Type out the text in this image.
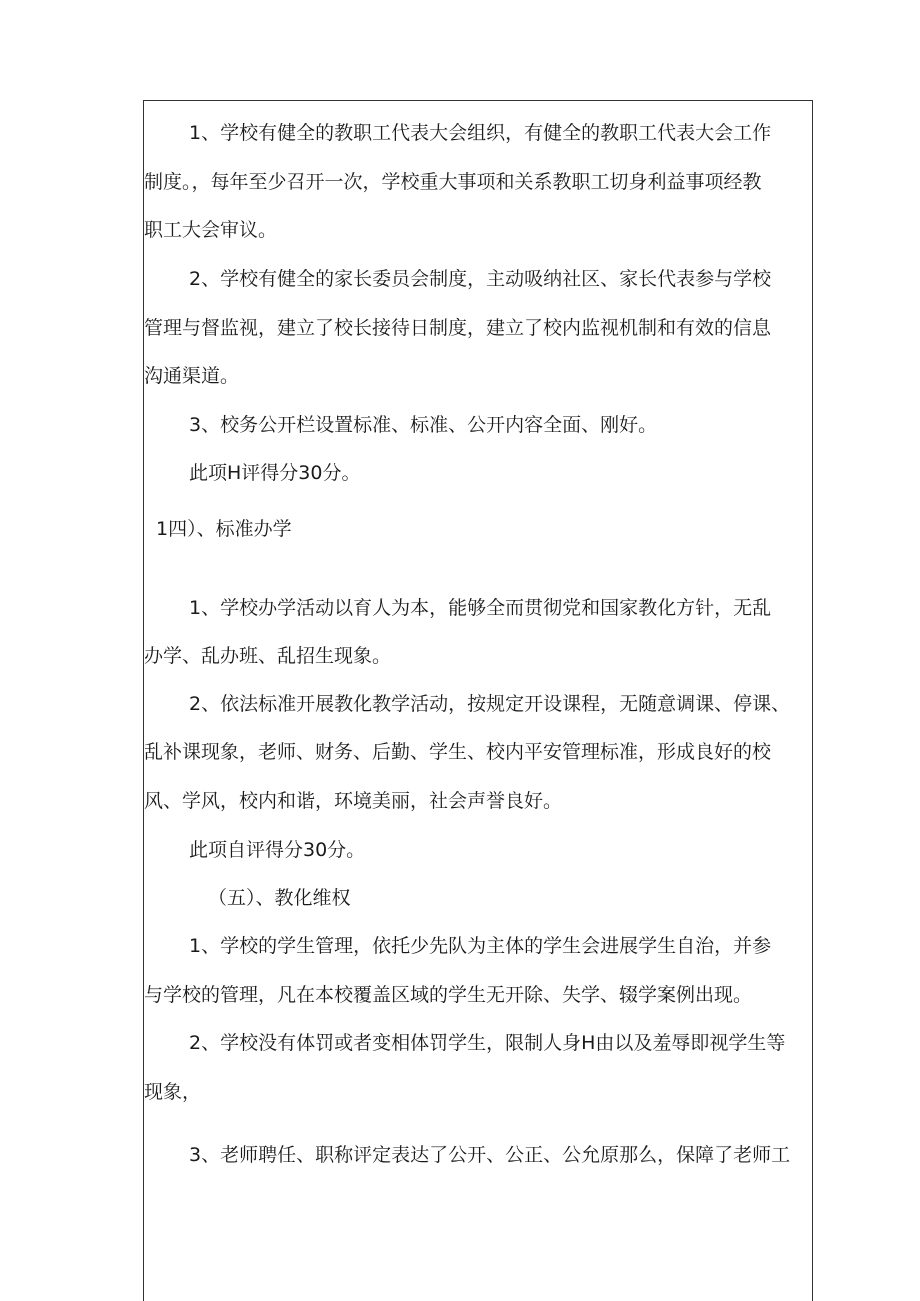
1、学校有健全的教职工代表大会组织，有健全的教职工代表大会工作
制度。，每年至少召开一次，学校重大事项和关系教职工切身利益事项经教
职工大会审议。
2、学校有健全的家长委员会制度，主动吸纳社区、家长代表参与学校
管理与督监视，建立了校长接待日制度，建立了校内监视机制和有效的信息
沟通渠道。
3、校务公开栏设置标准、标准、公开内容全面、刚好。
此项H评得分30分。
1四）、标准办学
1、学校办学活动以育人为本，能够全而贯彻党和国家教化方针，无乱
办学、乱办班、乱招生现象。
2、依法标准开展教化教学活动，按规定开设课程，无随意调课、停课、
乱补课现象，老师、财务、后勤、学生、校内平安管理标准，形成良好的校
风、学风，校内和谐，环境美丽，社会声誉良好。
此项自评得分30分。
（五）、教化维权
1、学校的学生管理，依托少先队为主体的学生会进展学生自治，并参
与学校的管理，凡在本校覆盖区域的学生无开除、失学、辍学案例出现。
2、学校没有体罚或者变相体罚学生，限制人身H由以及羞辱即视学生等
现象，
3、老师聘任、职称评定表达了公开、公正、公允原那么，保障了老师工
